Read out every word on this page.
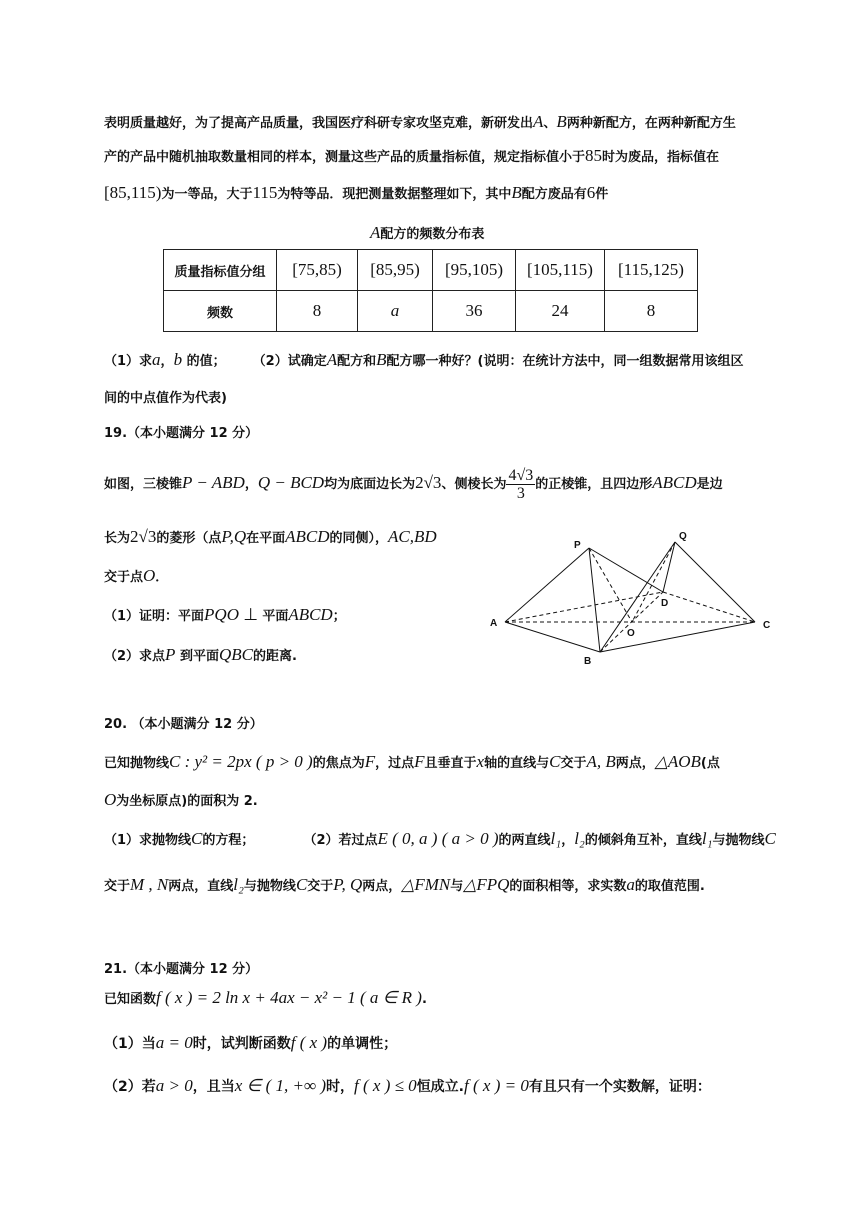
表明质量越好，为了提高产品质量，我国医疗科研专家攻坚克难，新研发出A、B两种新配方，在两种新配方生
产的产品中随机抽取数量相同的样本，测量这些产品的质量指标值，规定指标值小于85时为废品，指标值在
[85,115)为一等品，大于115为特等品．现把测量数据整理如下，其中B配方废品有6件
A配方的频数分布表
质量指标值分组	[75,85)	[85,95)	[95,105)	[105,115)	[115,125)
频数	8	a	36	24	8
（1）求a，b 的值； （2）试确定A配方和B配方哪一种好？(说明：在统计方法中，同一组数据常用该组区
间的中点值作为代表)
19.（本小题满分 12 分）
如图，三棱锥P − ABD，Q − BCD均为底面边长为2√3、侧棱长为 $\frac{4√3}{3}$ 的正棱锥，且四边形ABCD是边
长为2√3的菱形（点P,Q在平面ABCD的同侧），AC,BD
交于点O．
（1）证明：平面PQO ⊥ 平面ABCD；
（2）求点P 到平面QBC的距离.
P
Q
A
B
C
D
O
20. （本小题满分 12 分）
已知抛物线C : y² = 2px ( p > 0 )的焦点为F，过点F且垂直于x轴的直线与C交于A, B两点，△AOB(点
O为坐标原点)的面积为 2.
（1）求抛物线C的方程；	（2）若过点E ( 0, a ) ( a > 0 )的两直线l₁，l₂的倾斜角互补，直线l₁与抛物线C
交于M , N两点，直线l₂与抛物线C交于P, Q两点，△FMN与△FPQ的面积相等，求实数a的取值范围.
21.（本小题满分 12 分）
已知函数f ( x ) = 2 ln x + 4ax − x² − 1 ( a ∈ R ).
（1）当a = 0时，试判断函数f ( x )的单调性；
（2）若a > 0，且当x ∈ ( 1, +∞ )时，f ( x ) ≤ 0恒成立.f ( x ) = 0有且只有一个实数解，证明：
